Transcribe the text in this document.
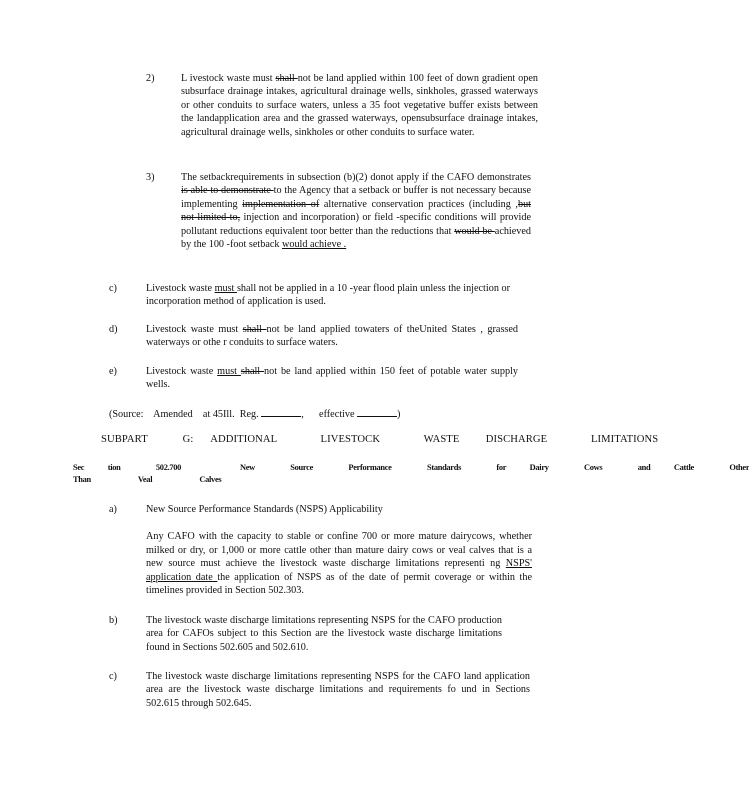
2)	L ivestock waste must shall not be land applied within 100 feet of down gradient open subsurface drainage intakes, agricultural drainage wells, sinkholes, grassed waterways or other conduits to surface waters, unless a 35 foot vegetative buffer exists between the landapplication area and the grassed waterways, opensubsurface drainage intakes, agricultural drainage wells, sinkholes or other conduits to surface water.
3)	The setbackrequirements in subsection (b)(2) donot apply if the CAFO demonstrates is able to demonstrate to the Agency that a setback or buffer is not necessary because implementing implementation of alternative conservation practices (including ,but not limited to, injection and incorporation) or field -specific conditions will provide pollutant reductions equivalent toor better than the reductions that would be achieved by the 100 -foot setback would achieve .
c)	Livestock waste must shall not be applied in a 10 -year flood plain unless the injection or incorporation method of application is used.
d)	Livestock waste must shall not be land applied towaters of theUnited States , grassed waterways or othe r conduits to surface waters.
e)	Livestock waste must shall not be land applied within 150 feet of potable water supply wells.
(Source:    Amended    at 45Ill.  Reg.	,      effective	)
SUBPART    G:  ADDITIONAL     LIVESTOCK     WASTE   DISCHARGE     LIMITATIONS
Sec  tion   502.700     New   Source   Performance   Standards   for  Dairy   Cows   and  Cattle   Other
Than    Veal    Calves
a)	New Source Performance Standards (NSPS) Applicability
Any CAFO with the capacity to stable or confine 700 or more mature dairycows, whether milked or dry, or 1,000 or more cattle other than mature dairy cows or veal calves that is a new source must achieve the livestock waste discharge limitations representi ng NSPS' application date the application of NSPS as of the date of permit coverage or within the timelines provided in Section 502.303.
b)	The livestock waste discharge limitations representing NSPS for the CAFO production area for CAFOs subject to this Section are the livestock waste discharge limitations found in Sections 502.605 and 502.610.
c)	The livestock waste discharge limitations representing NSPS for the CAFO land application area are the livestock waste discharge limitations and requirements fo und in Sections 502.615 through 502.645.
